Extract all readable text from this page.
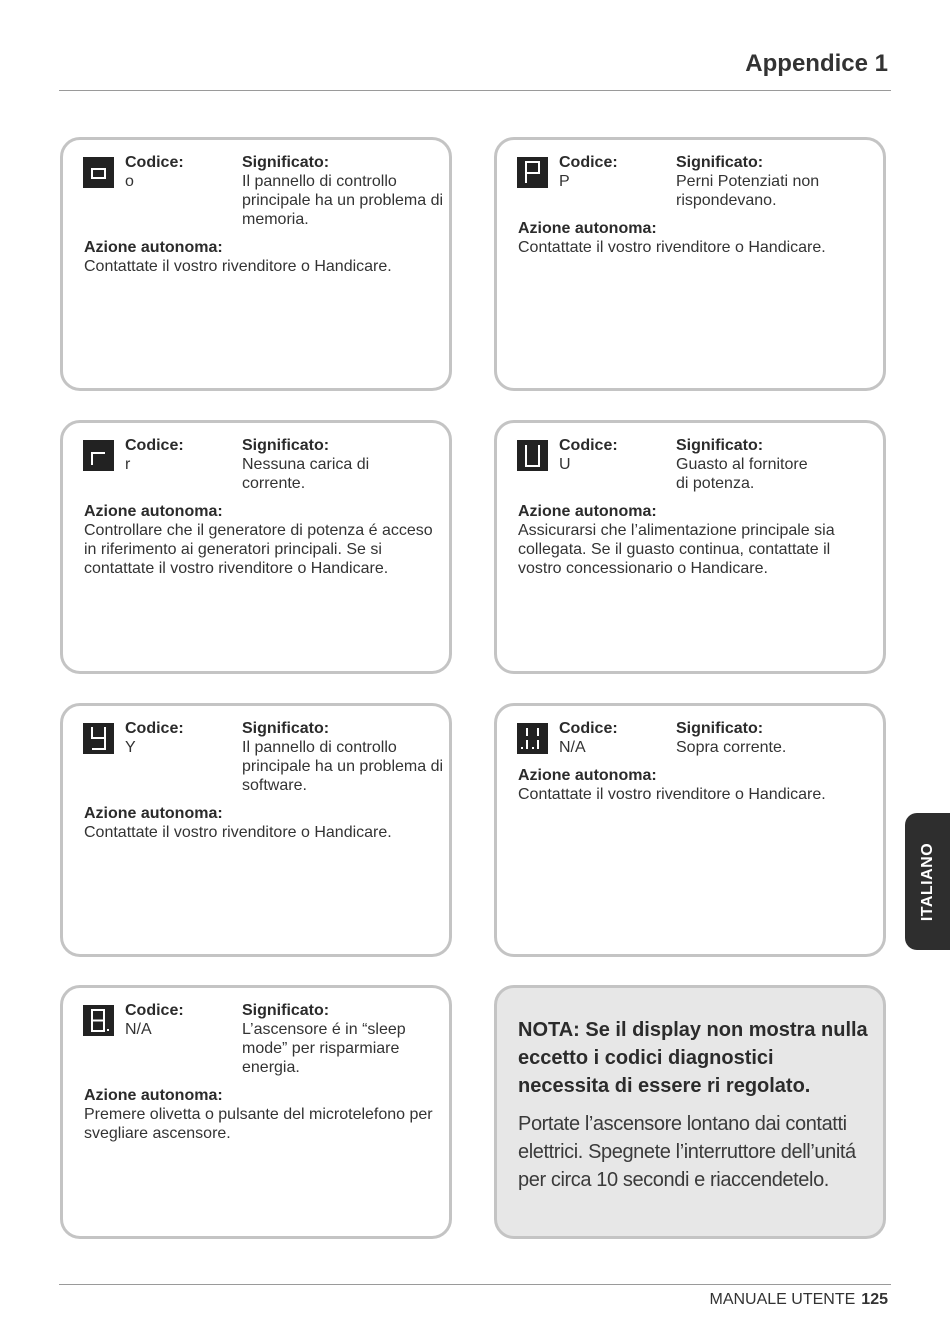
Appendice 1
Codice:
o
Significato:
Il pannello di controllo principale ha un problema di memoria.
Azione autonoma:
Contattate il vostro rivenditore o Handicare.
Codice:
P
Significato:
Perni Potenziati non rispondevano.
Azione autonoma:
Contattate il vostro rivenditore o Handicare.
Codice:
r
Significato:
Nessuna carica di corrente.
Azione autonoma:
Controllare che il generatore di potenza é acceso in riferimento ai generatori principali. Se si contattate il vostro rivenditore o Handicare.
Codice:
U
Significato:
Guasto al fornitore di potenza.
Azione autonoma:
Assicurarsi che l’alimentazione principale sia collegata. Se il guasto continua, contattate il vostro concessionario o Handicare.
Codice:
Y
Significato:
Il pannello di controllo principale ha un problema di software.
Azione autonoma:
Contattate il vostro rivenditore o Handicare.
Codice:
N/A
Significato:
Sopra corrente.
Azione autonoma:
Contattate il vostro rivenditore o Handicare.
Codice:
N/A
Significato:
L’ascensore é in “sleep mode” per risparmiare energia.
Azione autonoma:
Premere olivetta o pulsante del microtelefono per svegliare ascensore.
NOTA: Se il display non mostra nulla eccetto i codici diagnostici necessita di essere ri regolato.
Portate l’ascensore lontano dai contatti elettrici. Spegnete l’interruttore dell’unitá per circa 10 secondi e riaccendetelo.
ITALIANO
MANUALE UTENTE 125
